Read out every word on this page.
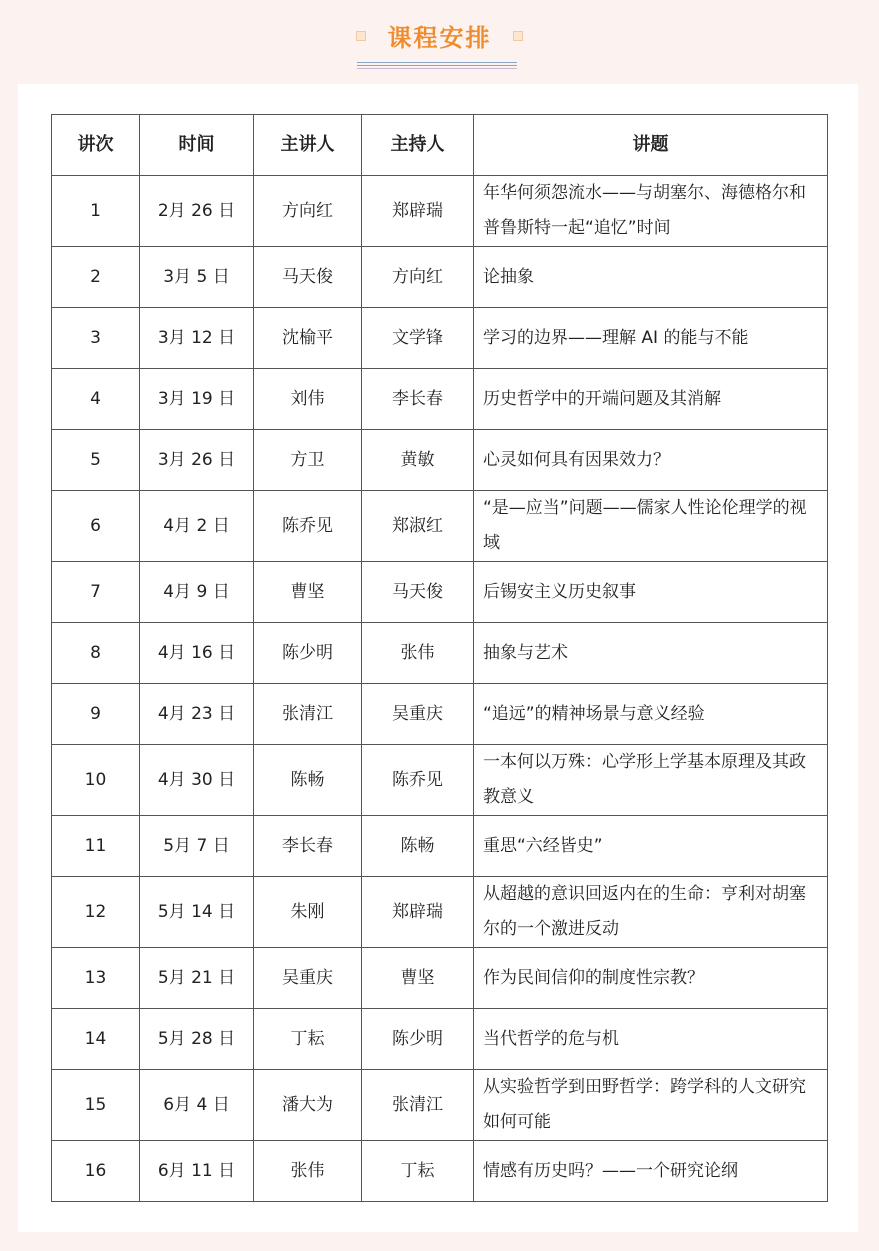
课程安排
讲次	时间	主讲人	主持人	讲题
1	2月 26 日	方向红	郑辟瑞	年华何须怨流水——与胡塞尔、海德格尔和普鲁斯特一起“追忆”时间
2	3月 5 日	马天俊	方向红	论抽象
3	3月 12 日	沈榆平	文学锋	学习的边界——理解 AI 的能与不能
4	3月 19 日	刘伟	李长春	历史哲学中的开端问题及其消解
5	3月 26 日	方卫	黄敏	心灵如何具有因果效力？
6	4月 2 日	陈乔见	郑淑红	“是—应当”问题——儒家人性论伦理学的视域
7	4月 9 日	曹坚	马天俊	后锡安主义历史叙事
8	4月 16 日	陈少明	张伟	抽象与艺术
9	4月 23 日	张清江	吴重庆	“追远”的精神场景与意义经验
10	4月 30 日	陈畅	陈乔见	一本何以万殊：心学形上学基本原理及其政教意义
11	5月 7 日	李长春	陈畅	重思“六经皆史”
12	5月 14 日	朱刚	郑辟瑞	从超越的意识回返内在的生命：亨利对胡塞尔的一个激进反动
13	5月 21 日	吴重庆	曹坚	作为民间信仰的制度性宗教？
14	5月 28 日	丁耘	陈少明	当代哲学的危与机
15	6月 4 日	潘大为	张清江	从实验哲学到田野哲学：跨学科的人文研究如何可能
16	6月 11 日	张伟	丁耘	情感有历史吗？——一个研究论纲
